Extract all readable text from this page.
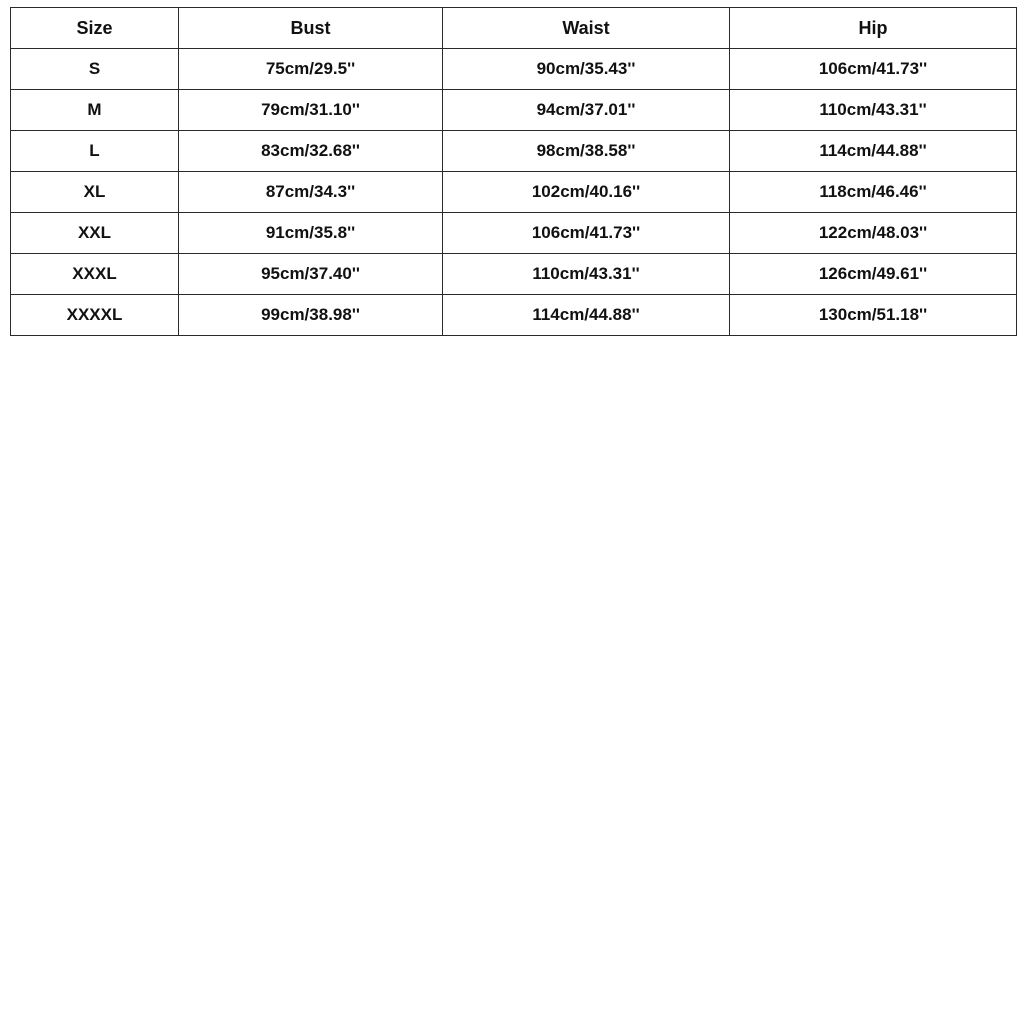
Size	Bust	Waist	Hip
S	75cm/29.5''	90cm/35.43''	106cm/41.73''
M	79cm/31.10''	94cm/37.01''	110cm/43.31''
L	83cm/32.68''	98cm/38.58''	114cm/44.88''
XL	87cm/34.3''	102cm/40.16''	118cm/46.46''
XXL	91cm/35.8''	106cm/41.73''	122cm/48.03''
XXXL	95cm/37.40''	110cm/43.31''	126cm/49.61''
XXXXL	99cm/38.98''	114cm/44.88''	130cm/51.18''
